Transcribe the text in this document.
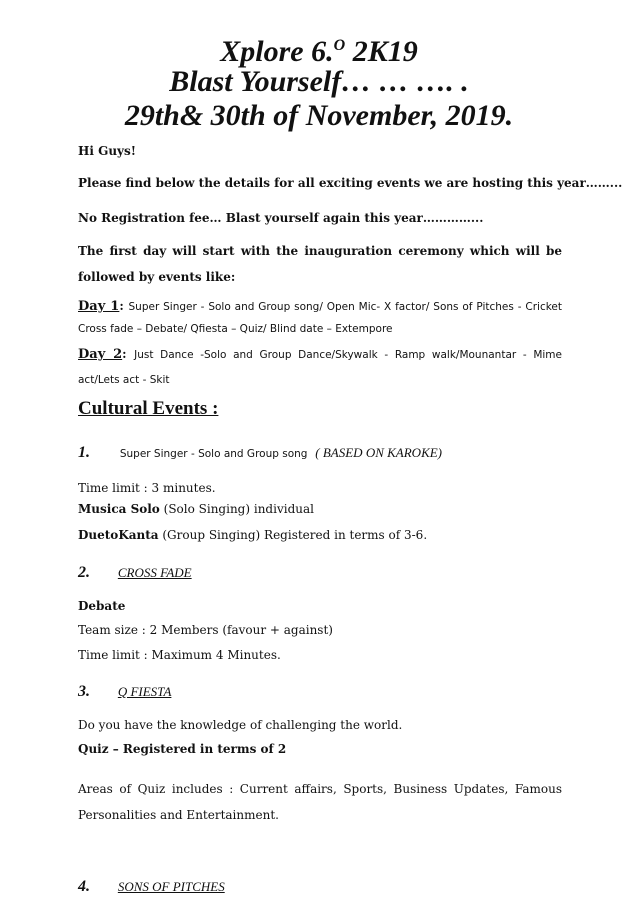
Xplore 6.$^O$ 2K19
Blast Yourself… … …. .
29th& 30th of November, 2019.
Hi Guys!
Please find below the details for all exciting events we are hosting this year……...
No Registration fee… Blast yourself again this year…………...
The first day will start with the inauguration ceremony which will be followed by events like:
Day 1: Super Singer - Solo and Group song/ Open Mic- X factor/ Sons of Pitches - Cricket Cross fade – Debate/ Qfiesta – Quiz/ Blind date – Extempore
Day 2: Just Dance -Solo and Group Dance/Skywalk - Ramp walk/Mounantar - Mime act/Lets act - Skit
Cultural Events :
1.	Super Singer - Solo and Group song ( BASED ON KAROKE)
Time limit : 3 minutes.
Musica Solo (Solo Singing) individual
DuetoKanta (Group Singing) Registered in terms of 3-6.
2. CROSS FADE
Debate
Team size : 2 Members (favour + against)
Time limit : Maximum 4 Minutes.
3. Q FIESTA
Do you have the knowledge of challenging the world.
Quiz – Registered in terms of 2
Areas of Quiz includes : Current affairs, Sports, Business Updates, Famous Personalities and Entertainment.
4. SONS OF PITCHES
